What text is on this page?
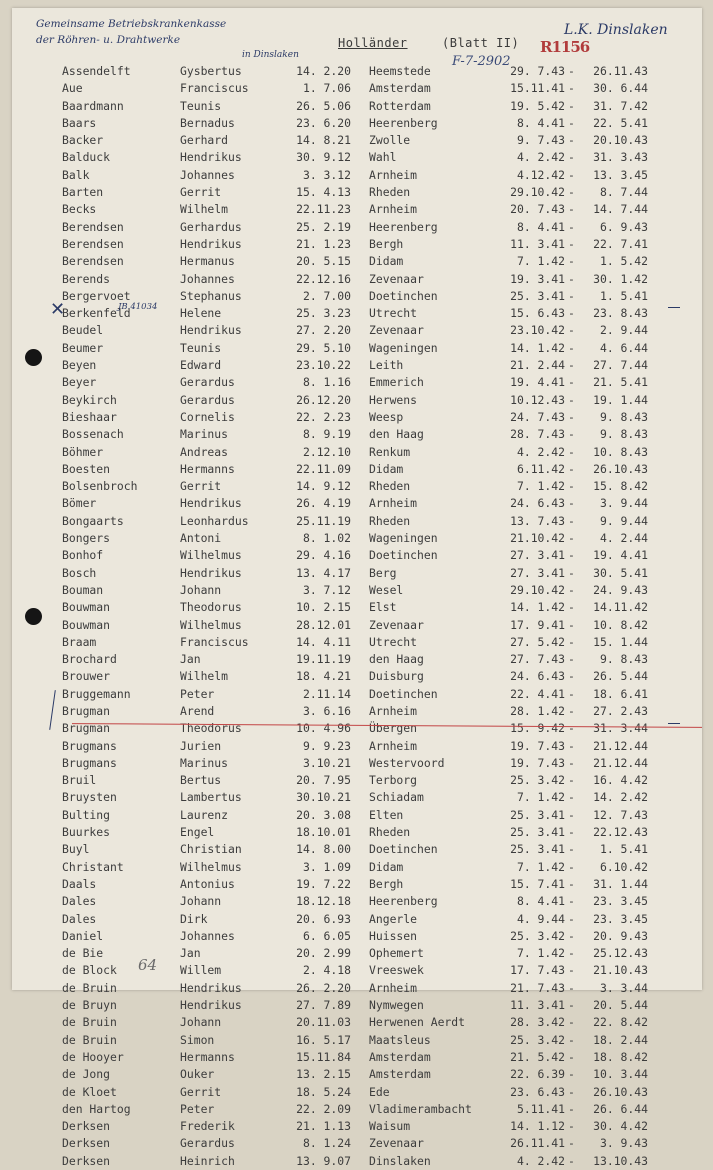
Gemeinsame Betriebskrankenkasse
der Röhren- u. Drahtwerke
in Dinslaken
L.K. Dinslaken
F-7-2902
R1156
Holländer	(Blatt II)
Assendelft	Gysbertus	14. 2.20 Heemstede	29. 7.43 -	26.11.43
Aue	Franciscus	1. 7.06 Amsterdam	15.11.41 -	30. 6.44
Baardmann	Teunis	26. 5.06 Rotterdam	19. 5.42 -	31. 7.42
Baars	Bernadus	23. 6.20 Heerenberg	8. 4.41 -	22. 5.41
Backer	Gerhard	14. 8.21 Zwolle	9. 7.43 -	20.10.43
Balduck	Hendrikus	30. 9.12 Wahl	4. 2.42 -	31. 3.43
Balk	Johannes	3. 3.12 Arnheim	4.12.42 -	13. 3.45
Barten	Gerrit	15. 4.13 Rheden	29.10.42 -	8. 7.44
Becks	Wilhelm	22.11.23 Arnheim	20. 7.43 -	14. 7.44
Berendsen	Gerhardus	25. 2.19 Heerenberg	8. 4.41 -	6. 9.43
Berendsen	Hendrikus	21. 1.23 Bergh	11. 3.41 -	22. 7.41
Berendsen	Hermanus	20. 5.15 Didam	7. 1.42 -	1. 5.42
Berends	Johannes	22.12.16 Zevenaar	19. 3.41 -	30. 1.42
Bergervoet	Stephanus	2. 7.00 Doetinchen	25. 3.41 -	1. 5.41
Berkenfeld	Helene	25. 3.23 Utrecht	15. 6.43 -	23. 8.43
Beudel	Hendrikus	27. 2.20 Zevenaar	23.10.42 -	2. 9.44
Beumer	Teunis	29. 5.10 Wageningen	14. 1.42 -	4. 6.44
Beyen	Edward	23.10.22 Leith	21. 2.44 -	27. 7.44
Beyer	Gerardus	8. 1.16 Emmerich	19. 4.41 -	21. 5.41
Beykirch	Gerardus	26.12.20 Herwens	10.12.43 -	19. 1.44
Bieshaar	Cornelis	22. 2.23 Weesp	24. 7.43 -	9. 8.43
Bossenach	Marinus	8. 9.19 den Haag	28. 7.43 -	9. 8.43
Böhmer	Andreas	2.12.10 Renkum	4. 2.42 -	10. 8.43
Boesten	Hermanns	22.11.09 Didam	6.11.42 -	26.10.43
Bolsenbroch	Gerrit	14. 9.12 Rheden	7. 1.42 -	15. 8.42
Bömer	Hendrikus	26. 4.19 Arnheim	24. 6.43 -	3. 9.44
Bongaarts	Leonhardus	25.11.19 Rheden	13. 7.43 -	9. 9.44
Bongers	Antoni	8. 1.02 Wageningen	21.10.42 -	4. 2.44
Bonhof	Wilhelmus	29. 4.16 Doetinchen	27. 3.41 -	19. 4.41
Bosch	Hendrikus	13. 4.17 Berg	27. 3.41 -	30. 5.41
Bouman	Johann	3. 7.12 Wesel	29.10.42 -	24. 9.43
Bouwman	Theodorus	10. 2.15 Elst	14. 1.42 -	14.11.42
Bouwman	Wilhelmus	28.12.01 Zevenaar	17. 9.41 -	10. 8.42
Braam	Franciscus	14. 4.11 Utrecht	27. 5.42 -	15. 1.44
Brochard	Jan	19.11.19 den Haag	27. 7.43 -	9. 8.43
Brouwer	Wilhelm	18. 4.21 Duisburg	24. 6.43 -	26. 5.44
Bruggemann	Peter	2.11.14 Doetinchen	22. 4.41 -	18. 6.41
Brugman	Arend	3. 6.16 Arnheim	28. 1.42 -	27. 2.43
Brugman	Theodorus	10. 4.96 Übergen	15. 9.42 -	31. 3.44
Brugmans	Jurien	9. 9.23 Arnheim	19. 7.43 -	21.12.44
Brugmans	Marinus	3.10.21 Westervoord	19. 7.43 -	21.12.44
Bruil	Bertus	20. 7.95 Terborg	25. 3.42 -	16. 4.42
Bruysten	Lambertus	30.10.21 Schiadam	7. 1.42 -	14. 2.42
Bulting	Laurenz	20. 3.08 Elten	25. 3.41 -	12. 7.43
Buurkes	Engel	18.10.01 Rheden	25. 3.41 -	22.12.43
Buyl	Christian	14. 8.00 Doetinchen	25. 3.41 -	1. 5.41
Christant	Wilhelmus	3. 1.09 Didam	7. 1.42 -	6.10.42
Daals	Antonius	19. 7.22 Bergh	15. 7.41 -	31. 1.44
Dales	Johann	18.12.18 Heerenberg	8. 4.41 -	23. 3.45
Dales	Dirk	20. 6.93 Angerle	4. 9.44 -	23. 3.45
Daniel	Johannes	6. 6.05 Huissen	25. 3.42 -	20. 9.43
de Bie	Jan	20. 2.99 Ophemert	7. 1.42 -	25.12.43
de Block	Willem	2. 4.18 Vreeswek	17. 7.43 -	21.10.43
de Bruin	Hendrikus	26. 2.20 Arnheim	21. 7.43 -	3. 3.44
de Bruyn	Hendrikus	27. 7.89 Nymwegen	11. 3.41 -	20. 5.44
de Bruin	Johann	20.11.03 Herwenen Aerdt	28. 3.42 -	22. 8.42
de Bruin	Simon	16. 5.17 Maatsleus	25. 3.42 -	18. 2.44
de Hooyer	Hermanns	15.11.84 Amsterdam	21. 5.42 -	18. 8.42
de Jong	Ouker	13. 2.15 Amsterdam	22. 6.39 -	10. 3.44
de Kloet	Gerrit	18. 5.24 Ede	23. 6.43 -	26.10.43
den Hartog	Peter	22. 2.09 Vladimerambacht	5.11.41 -	26. 6.44
Derksen	Frederik	21. 1.13 Waisum	14. 1.12 -	30. 4.42
Derksen	Gerardus	8. 1.24 Zevenaar	26.11.41 -	3. 9.43
Derksen	Heinrich	13. 9.07 Dinslaken	4. 2.42 -	13.10.43
✕	JB.41034
64
